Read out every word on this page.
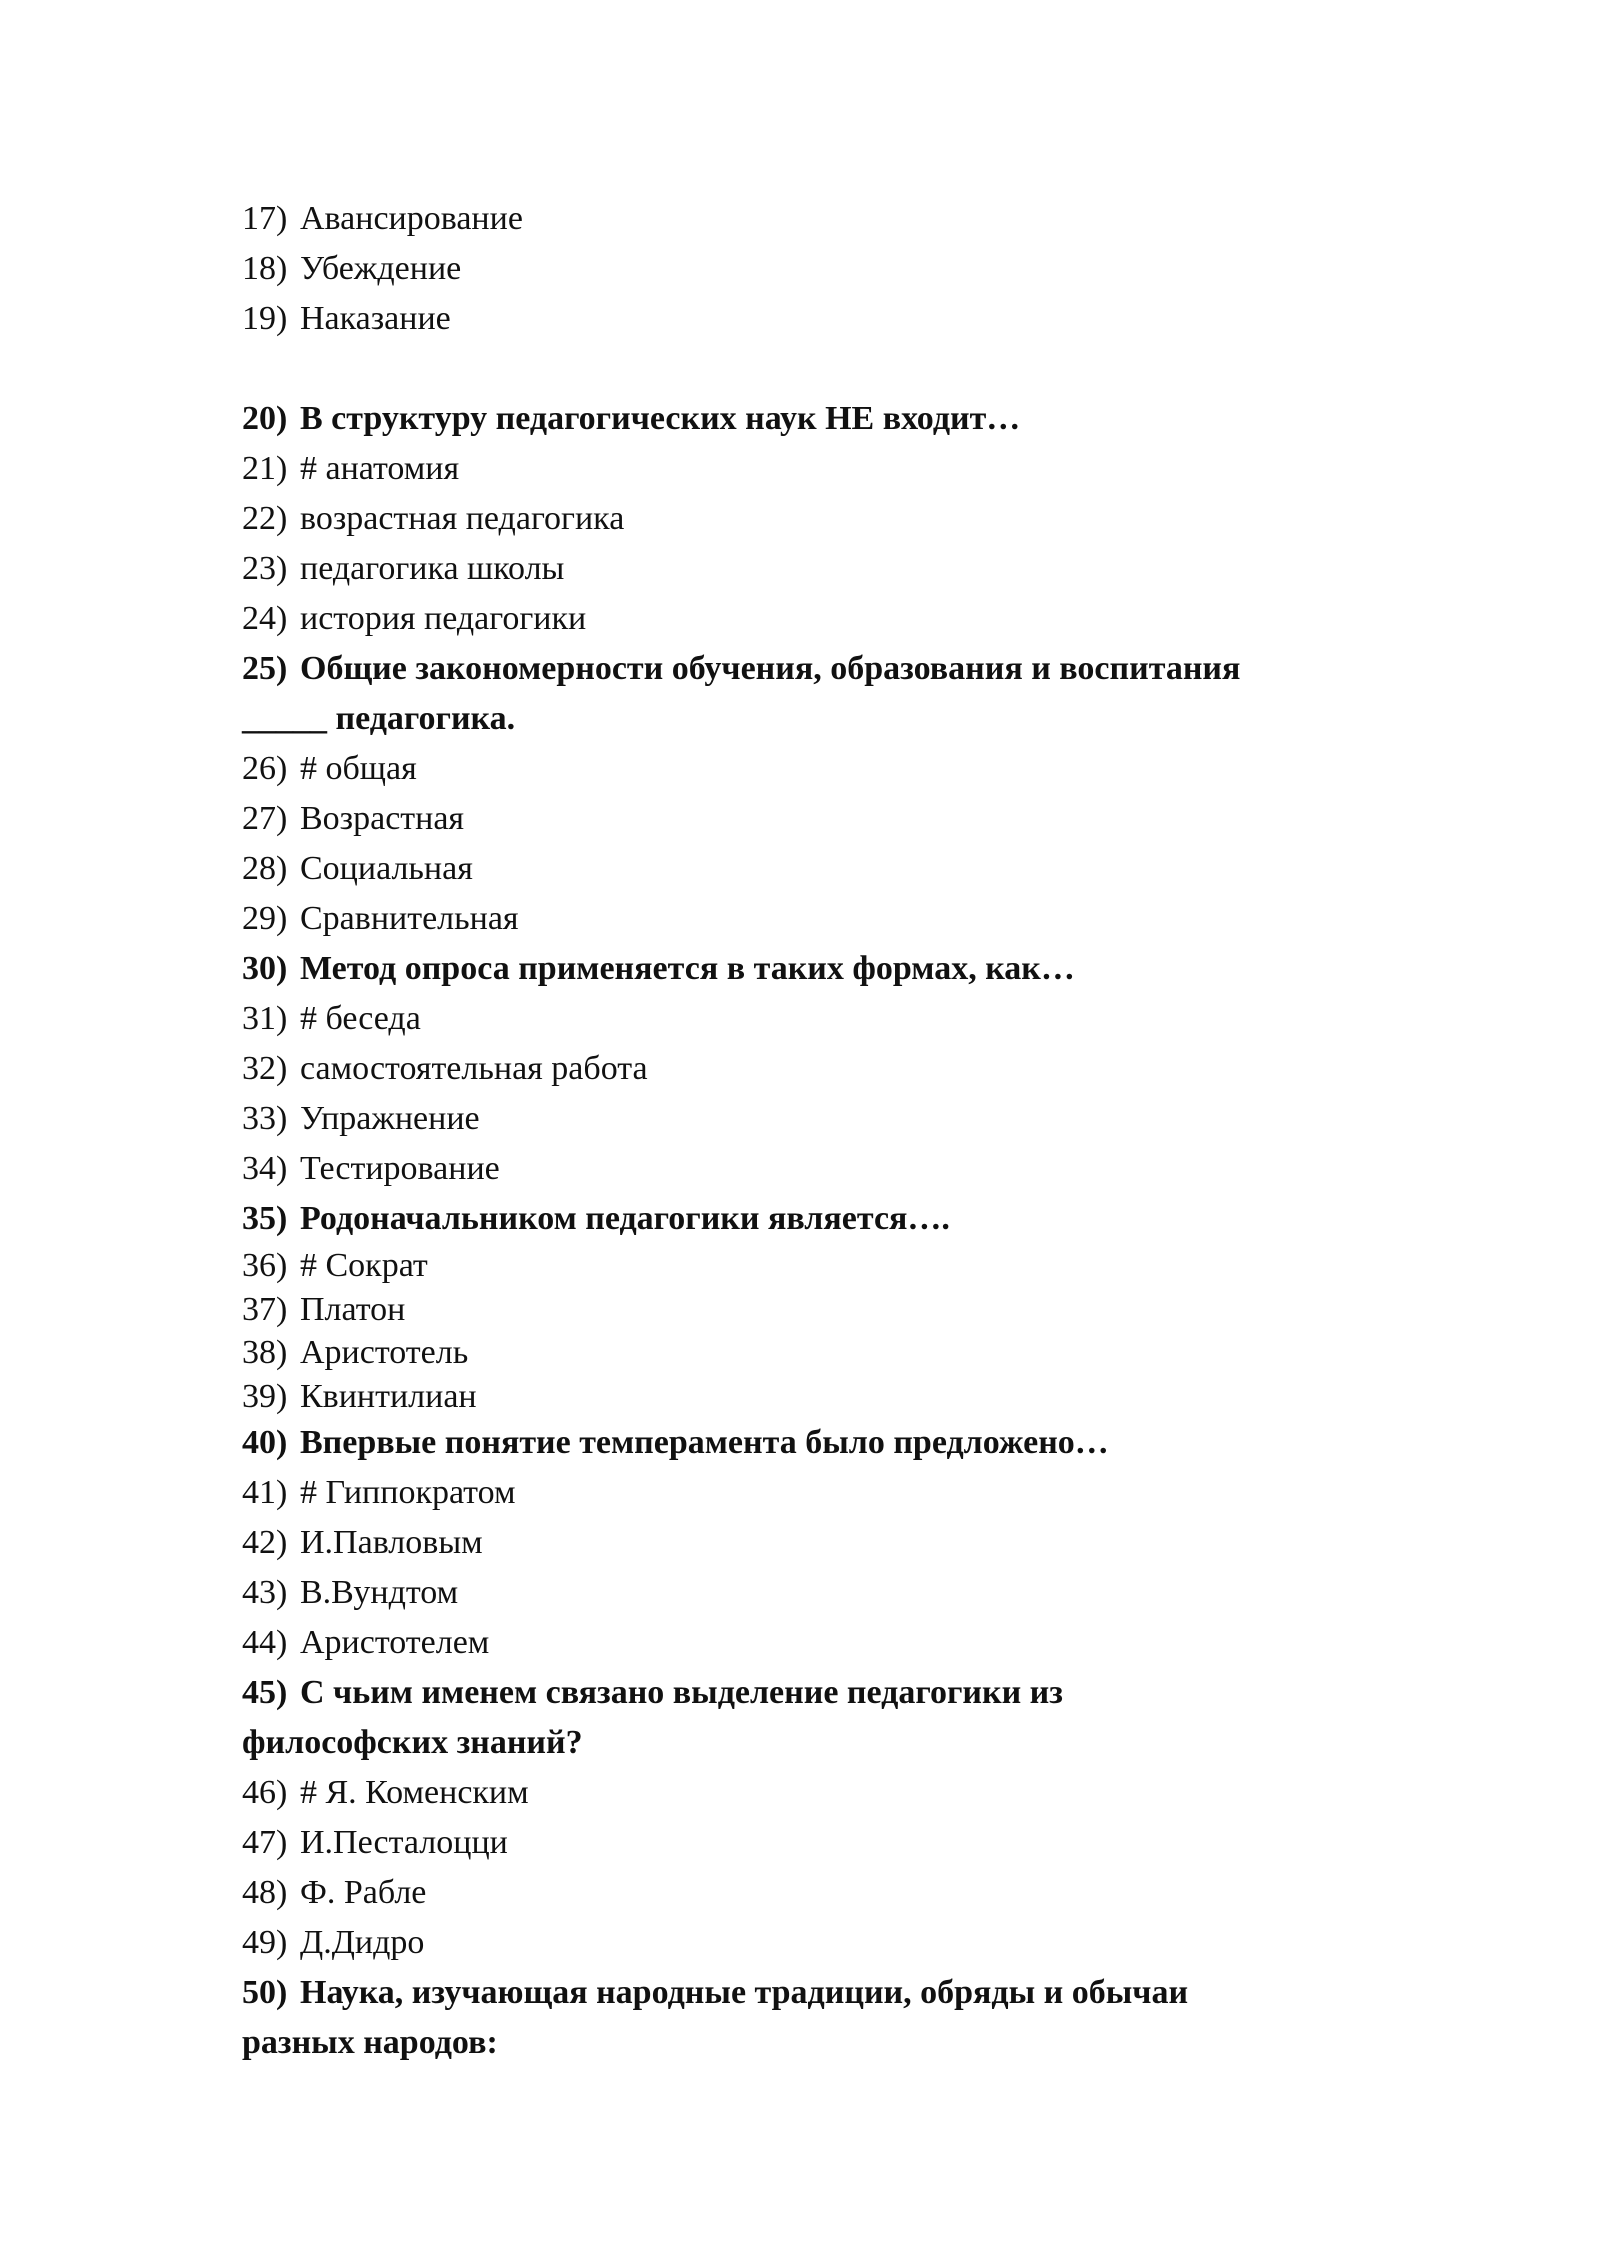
17) Авансирование
18) Убеждение
19) Наказание
20) В структуру педагогических наук НЕ входит…
21) # анатомия
22) возрастная педагогика
23) педагогика школы
24) история педагогики
25) Общие закономерности обучения, образования и воспитания
_____ педагогика.
26) # общая
27) Возрастная
28) Социальная
29) Сравнительная
30) Метод опроса применяется в таких формах, как…
31) # беседа
32) самостоятельная работа
33) Упражнение
34) Тестирование
35) Родоначальником педагогики является….
36) # Сократ
37) Платон
38) Аристотель
39) Квинтилиан
40) Впервые понятие темперамента было предложено…
41) # Гиппократом
42) И.Павловым
43) В.Вундтом
44) Аристотелем
45) С чьим именем связано выделение педагогики из
философских знаний?
46) # Я. Коменским
47) И.Песталоцци
48) Ф. Рабле
49) Д.Дидро
50) Наука, изучающая народные традиции, обряды и обычаи
разных народов:
